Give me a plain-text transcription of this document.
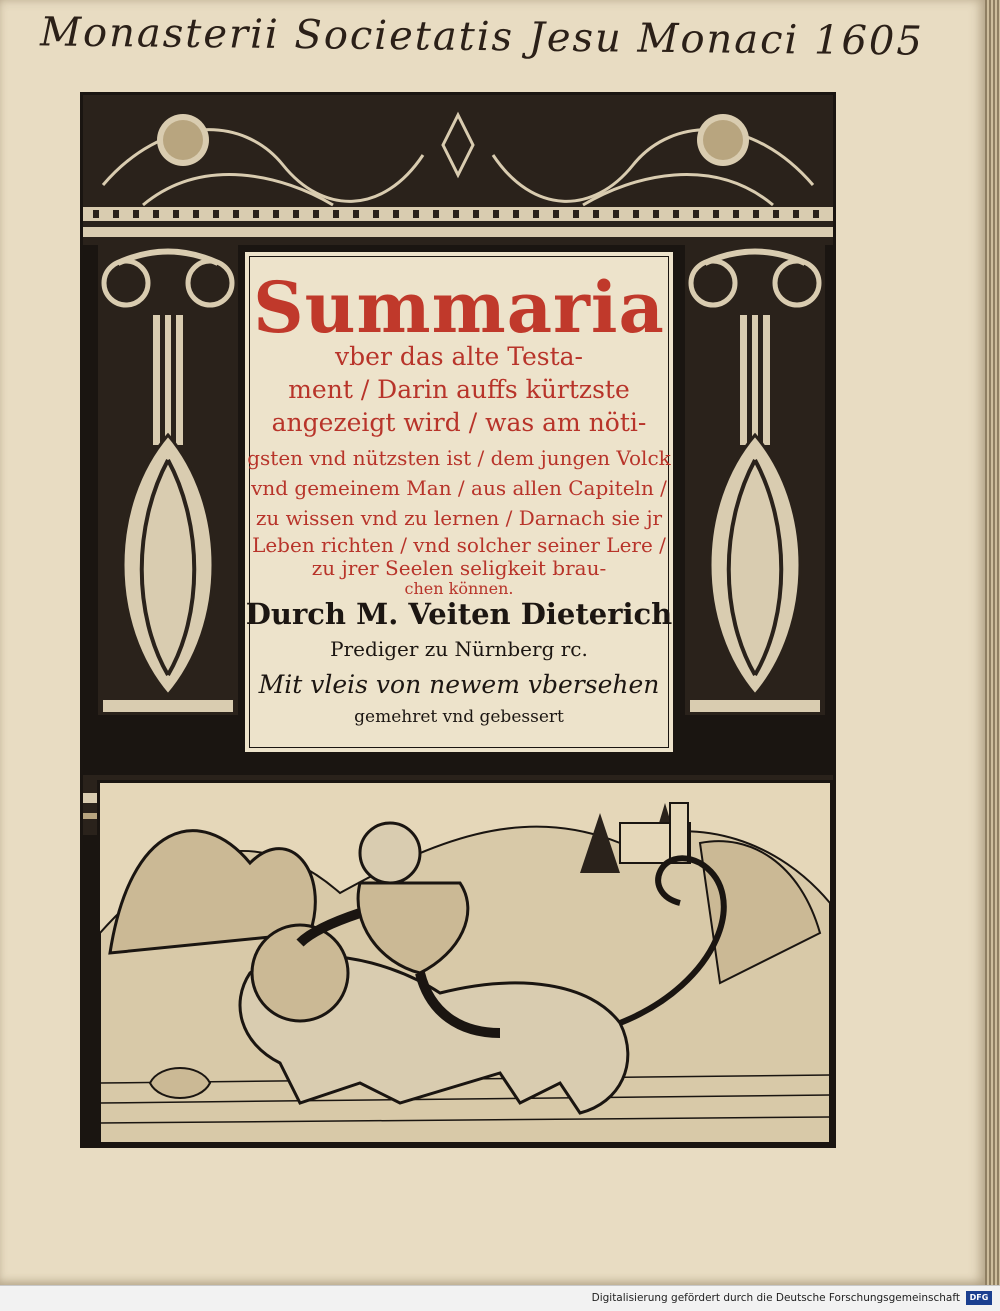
Monasterii Societatis Jesu Monaci 1605
Summaria
vber das alte Testa-
ment / Darin auffs kürtzste
angezeigt wird / was am nöti-
gsten vnd nützsten ist / dem jungen Volck
vnd gemeinem Man / aus allen Capiteln /
zu wissen vnd zu lernen / Darnach sie jr
Leben richten / vnd solcher seiner Lere /
zu jrer Seelen seligkeit brau-
chen können.
Durch M. Veiten Dieterich
Prediger zu Nürnberg rc.
Mit vleis von newem vbersehen
gemehret vnd gebessert
Digitalisierung gefördert durch die Deutsche Forschungsgemeinschaft	DFG
